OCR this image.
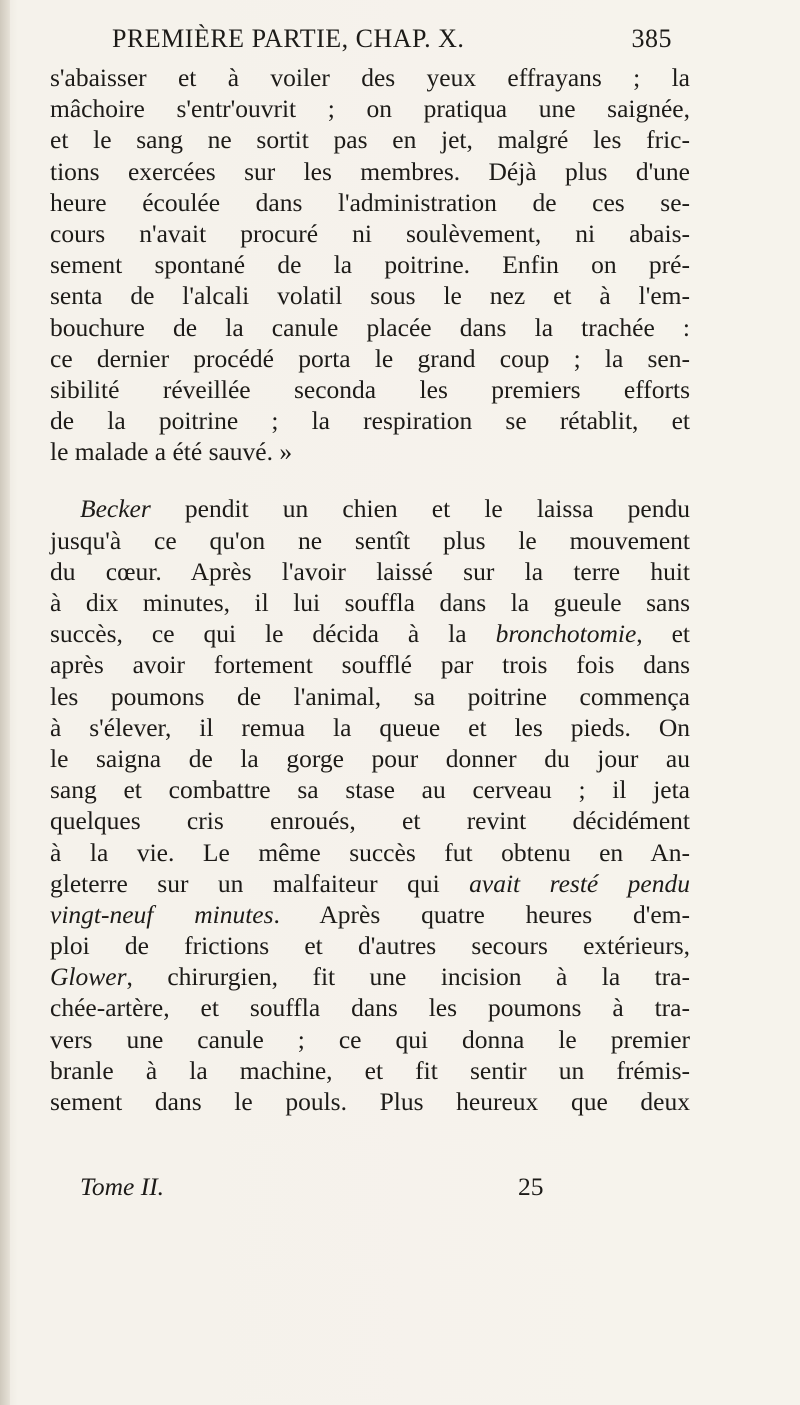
PREMIÈRE PARTIE, CHAP. X.	385
s'abaisser et à voiler des yeux effrayans ; la
mâchoire s'entr'ouvrit ; on pratiqua une saignée,
et le sang ne sortit pas en jet, malgré les fric-
tions exercées sur les membres. Déjà plus d'une
heure écoulée dans l'administration de ces se-
cours n'avait procuré ni soulèvement, ni abais-
sement spontané de la poitrine. Enfin on pré-
senta de l'alcali volatil sous le nez et à l'em-
bouchure de la canule placée dans la trachée :
ce dernier procédé porta le grand coup ; la sen-
sibilité réveillée seconda les premiers efforts
de la poitrine ; la respiration se rétablit, et
le malade a été sauvé. »
Becker pendit un chien et le laissa pendu
jusqu'à ce qu'on ne sentît plus le mouvement
du cœur. Après l'avoir laissé sur la terre huit
à dix minutes, il lui souffla dans la gueule sans
succès, ce qui le décida à la bronchotomie, et
après avoir fortement soufflé par trois fois dans
les poumons de l'animal, sa poitrine commença
à s'élever, il remua la queue et les pieds. On
le saigna de la gorge pour donner du jour au
sang et combattre sa stase au cerveau ; il jeta
quelques cris enroués, et revint décidément
à la vie. Le même succès fut obtenu en An-
gleterre sur un malfaiteur qui avait resté pendu
vingt-neuf minutes. Après quatre heures d'em-
ploi de frictions et d'autres secours extérieurs,
Glower, chirurgien, fit une incision à la tra-
chée-artère, et souffla dans les poumons à tra-
vers une canule ; ce qui donna le premier
branle à la machine, et fit sentir un frémis-
sement dans le pouls. Plus heureux que deux
Tome II.	25
